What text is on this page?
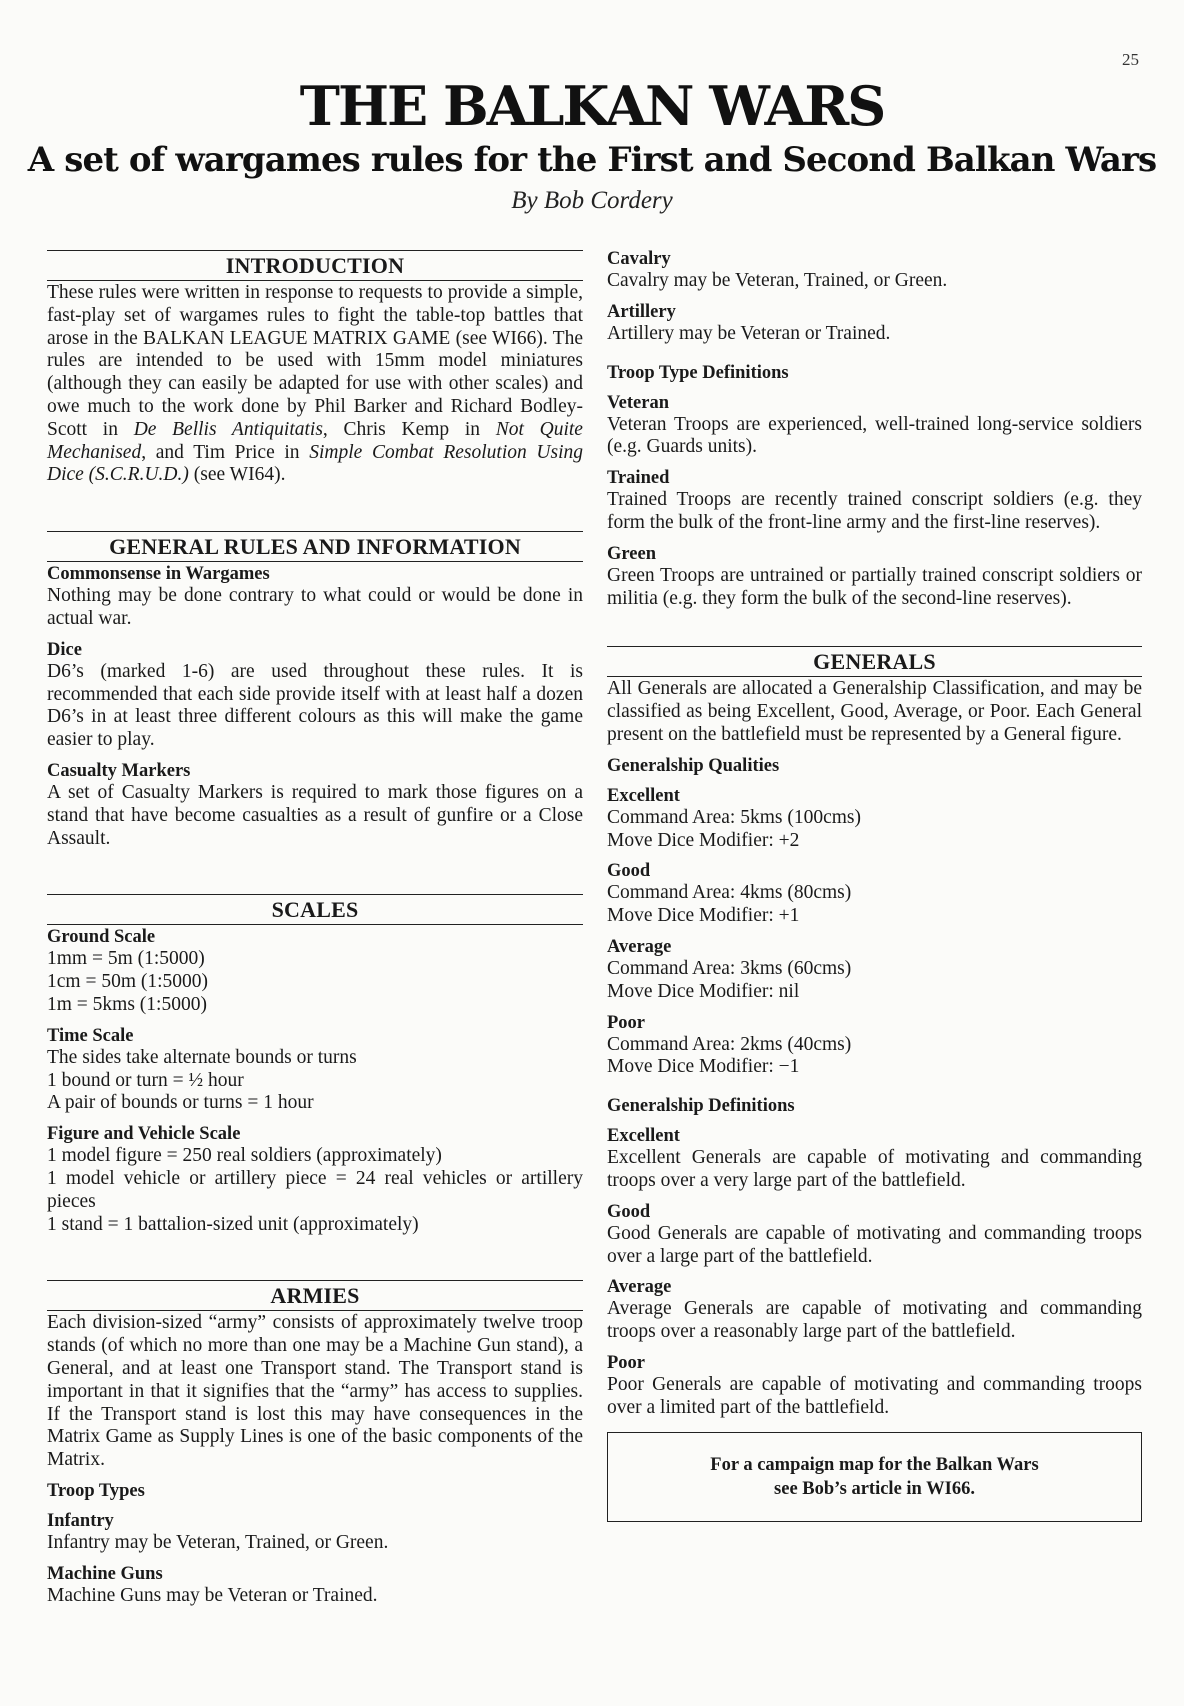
25
THE BALKAN WARS
A set of wargames rules for the First and Second Balkan Wars
By Bob Cordery
INTRODUCTION

These rules were written in response to requests to provide a simple, fast-play set of wargames rules to fight the table-top battles that arose in the BALKAN LEAGUE MATRIX GAME (see WI66). The rules are intended to be used with 15mm model miniatures (although they can easily be adapted for use with other scales) and owe much to the work done by Phil Barker and Richard Bodley-Scott in De Bellis Antiquitatis, Chris Kemp in Not Quite Mechanised, and Tim Price in Simple Combat Resolution Using Dice (S.C.R.U.D.) (see WI64).

GENERAL RULES AND INFORMATION
Commonsense in Wargames

Nothing may be done contrary to what could or would be done in actual war.

Dice

D6’s (marked 1-6) are used throughout these rules. It is recommended that each side provide itself with at least half a dozen D6’s in at least three different colours as this will make the game easier to play.

Casualty Markers

A set of Casualty Markers is required to mark those figures on a stand that have become casualties as a result of gunfire or a Close Assault.

SCALES
Ground Scale

1mm = 5m (1:5000)

1cm = 50m (1:5000)

1m = 5kms (1:5000)

Time Scale

The sides take alternate bounds or turns

1 bound or turn = ½ hour

A pair of bounds or turns = 1 hour

Figure and Vehicle Scale

1 model figure = 250 real soldiers (approximately)

1 model vehicle or artillery piece = 24 real vehicles or artillery pieces

1 stand = 1 battalion-sized unit (approximately)

ARMIES

Each division-sized “army” consists of approximately twelve troop stands (of which no more than one may be a Machine Gun stand), a General, and at least one Transport stand. The Transport stand is important in that it signifies that the “army” has access to supplies. If the Transport stand is lost this may have consequences in the Matrix Game as Supply Lines is one of the basic components of the Matrix.

Troop Types
Infantry

Infantry may be Veteran, Trained, or Green.

Machine Guns

Machine Guns may be Veteran or Trained.

Cavalry

Cavalry may be Veteran, Trained, or Green.

Artillery

Artillery may be Veteran or Trained.

Troop Type Definitions
Veteran

Veteran Troops are experienced, well-trained long-service soldiers (e.g. Guards units).

Trained

Trained Troops are recently trained conscript soldiers (e.g. they form the bulk of the front-line army and the first-line reserves).

Green

Green Troops are untrained or partially trained conscript soldiers or militia (e.g. they form the bulk of the second-line reserves).

GENERALS

All Generals are allocated a Generalship Classification, and may be classified as being Excellent, Good, Average, or Poor. Each General present on the battlefield must be represented by a General figure.

Generalship Qualities
Excellent

Command Area: 5kms (100cms)

Move Dice Modifier: +2

Good

Command Area: 4kms (80cms)

Move Dice Modifier: +1

Average

Command Area: 3kms (60cms)

Move Dice Modifier: nil

Poor

Command Area: 2kms (40cms)

Move Dice Modifier: −1

Generalship Definitions
Excellent

Excellent Generals are capable of motivating and commanding troops over a very large part of the battlefield.

Good

Good Generals are capable of motivating and commanding troops over a large part of the battlefield.

Average

Average Generals are capable of motivating and commanding troops over a reasonably large part of the battlefield.

Poor

Poor Generals are capable of motivating and commanding troops over a limited part of the battlefield.

For a campaign map for the Balkan Wars
see Bob’s article in WI66.
